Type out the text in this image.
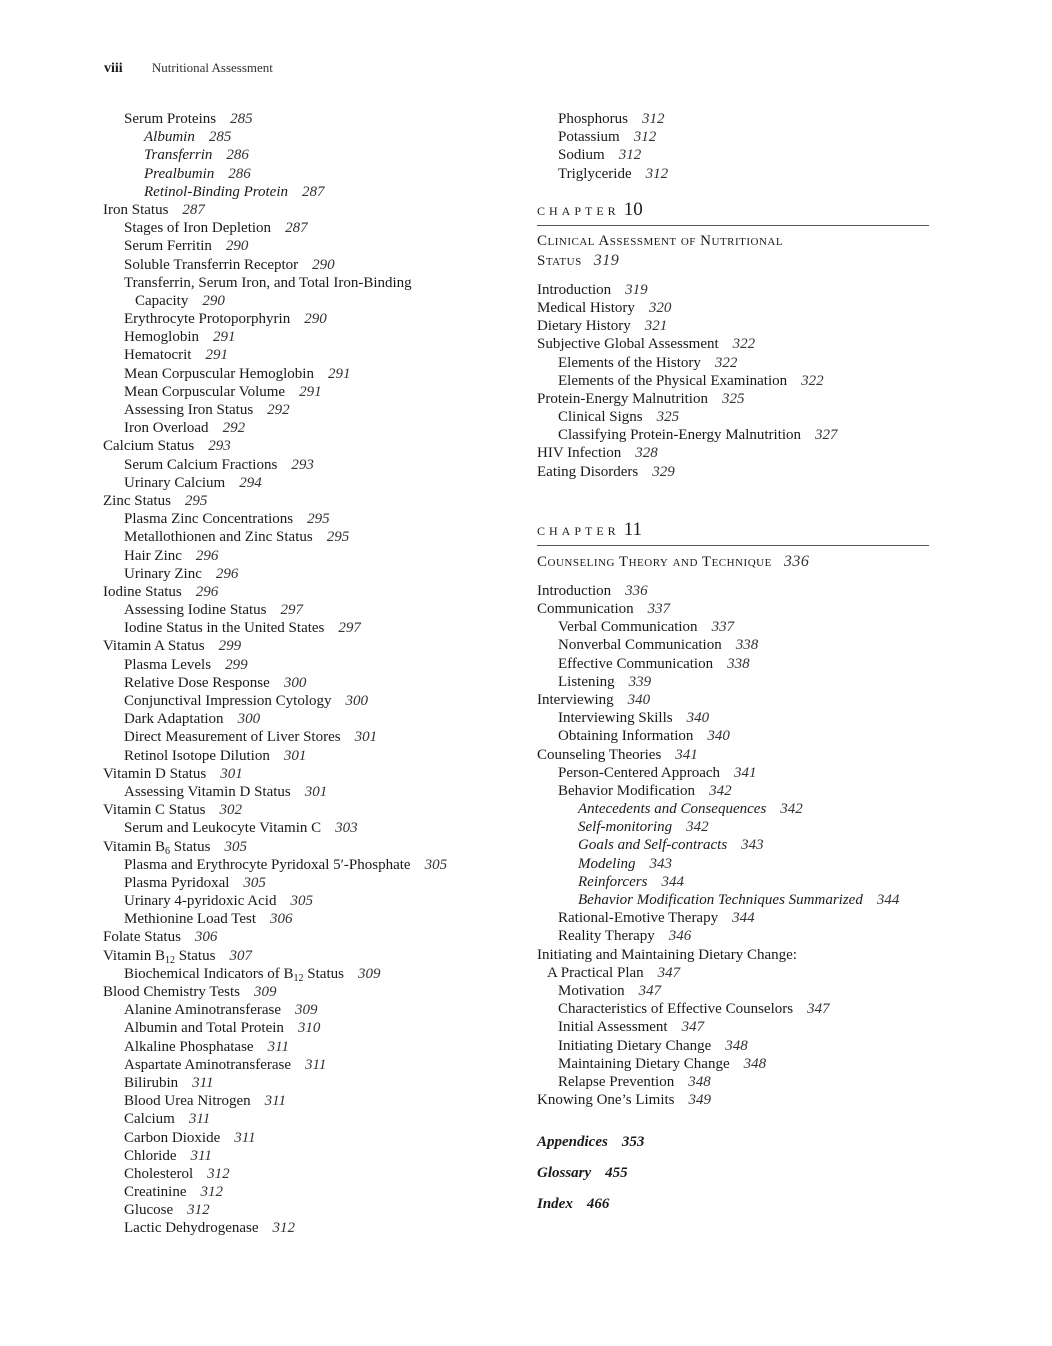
viii Nutritional Assessment
Serum Proteins 285
Albumin 285
Transferrin 286
Prealbumin 286
Retinol-Binding Protein 287
Iron Status 287
Stages of Iron Depletion 287
Serum Ferritin 290
Soluble Transferrin Receptor 290
Transferrin, Serum Iron, and Total Iron-Binding
Capacity 290
Erythrocyte Protoporphyrin 290
Hemoglobin 291
Hematocrit 291
Mean Corpuscular Hemoglobin 291
Mean Corpuscular Volume 291
Assessing Iron Status 292
Iron Overload 292
Calcium Status 293
Serum Calcium Fractions 293
Urinary Calcium 294
Zinc Status 295
Plasma Zinc Concentrations 295
Metallothionen and Zinc Status 295
Hair Zinc 296
Urinary Zinc 296
Iodine Status 296
Assessing Iodine Status 297
Iodine Status in the United States 297
Vitamin A Status 299
Plasma Levels 299
Relative Dose Response 300
Conjunctival Impression Cytology 300
Dark Adaptation 300
Direct Measurement of Liver Stores 301
Retinol Isotope Dilution 301
Vitamin D Status 301
Assessing Vitamin D Status 301
Vitamin C Status 302
Serum and Leukocyte Vitamin C 303
Vitamin $B_6$ Status 305
Plasma and Erythrocyte Pyridoxal 5′-Phosphate 305
Plasma Pyridoxal 305
Urinary 4-pyridoxic Acid 305
Methionine Load Test 306
Folate Status 306
Vitamin $B_{12}$ Status 307
Biochemical Indicators of $B_{12}$ Status 309
Blood Chemistry Tests 309
Alanine Aminotransferase 309
Albumin and Total Protein 310
Alkaline Phosphatase 311
Aspartate Aminotransferase 311
Bilirubin 311
Blood Urea Nitrogen 311
Calcium 311
Carbon Dioxide 311
Chloride 311
Cholesterol 312
Creatinine 312
Glucose 312
Lactic Dehydrogenase 312
Phosphorus 312
Potassium 312
Sodium 312
Triglyceride 312
CHAPTER 10
Clinical Assessment of Nutritional
Status 319
Introduction 319
Medical History 320
Dietary History 321
Subjective Global Assessment 322
Elements of the History 322
Elements of the Physical Examination 322
Protein-Energy Malnutrition 325
Clinical Signs 325
Classifying Protein-Energy Malnutrition 327
HIV Infection 328
Eating Disorders 329
CHAPTER 11
Counseling Theory and Technique 336
Introduction 336
Communication 337
Verbal Communication 337
Nonverbal Communication 338
Effective Communication 338
Listening 339
Interviewing 340
Interviewing Skills 340
Obtaining Information 340
Counseling Theories 341
Person-Centered Approach 341
Behavior Modification 342
Antecedents and Consequences 342
Self-monitoring 342
Goals and Self-contracts 343
Modeling 343
Reinforcers 344
Behavior Modification Techniques Summarized 344
Rational-Emotive Therapy 344
Reality Therapy 346
Initiating and Maintaining Dietary Change:
A Practical Plan 347
Motivation 347
Characteristics of Effective Counselors 347
Initial Assessment 347
Initiating Dietary Change 348
Maintaining Dietary Change 348
Relapse Prevention 348
Knowing One’s Limits 349
Appendices 353
Glossary 455
Index 466
